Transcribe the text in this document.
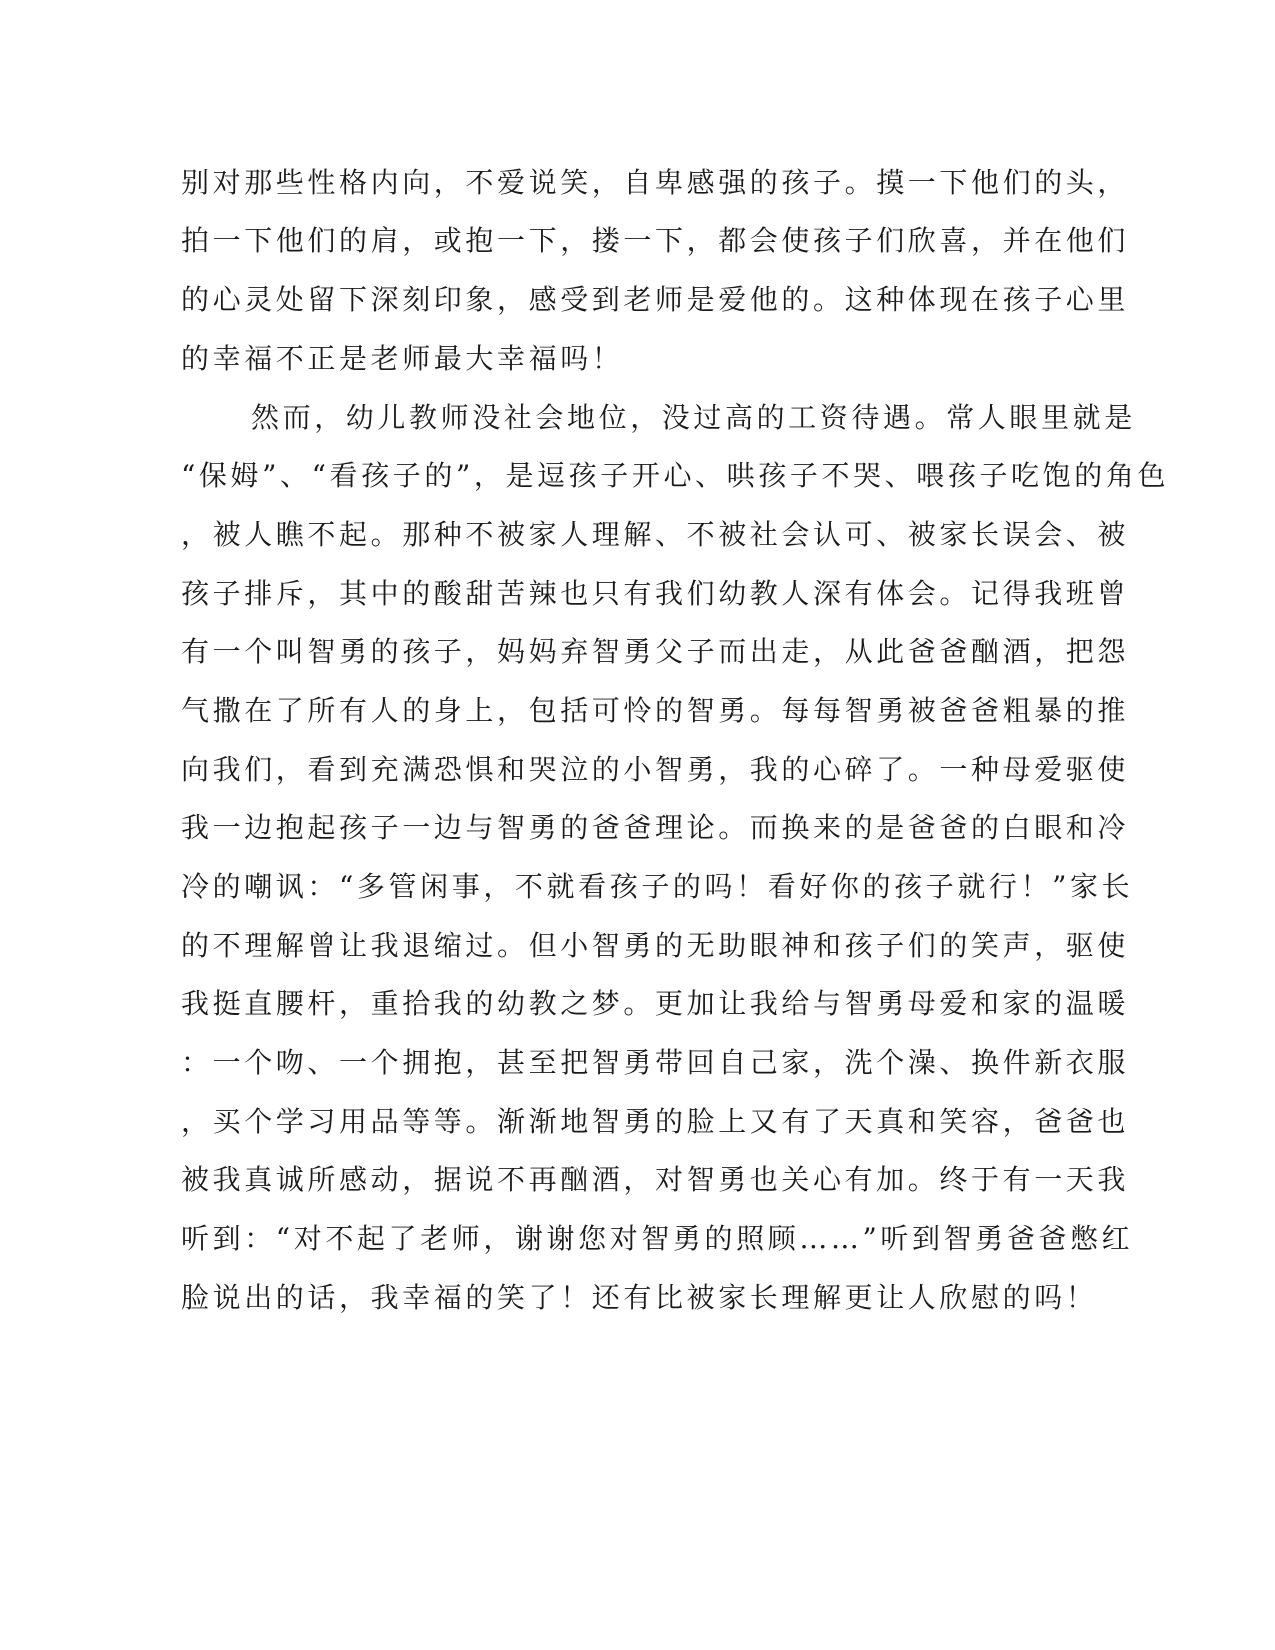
别对那些性格内向，不爱说笑，自卑感强的孩子。摸一下他们的头，
拍一下他们的肩，或抱一下，搂一下，都会使孩子们欣喜，并在他们
的心灵处留下深刻印象，感受到老师是爱他的。这种体现在孩子心里
的幸福不正是老师最大幸福吗！
然而，幼儿教师没社会地位，没过高的工资待遇。常人眼里就是
“保姆”、“看孩子的”，是逗孩子开心、哄孩子不哭、喂孩子吃饱的角色
，被人瞧不起。那种不被家人理解、不被社会认可、被家长误会、被
孩子排斥，其中的酸甜苦辣也只有我们幼教人深有体会。记得我班曾
有一个叫智勇的孩子，妈妈弃智勇父子而出走，从此爸爸酗酒，把怨
气撒在了所有人的身上，包括可怜的智勇。每每智勇被爸爸粗暴的推
向我们，看到充满恐惧和哭泣的小智勇，我的心碎了。一种母爱驱使
我一边抱起孩子一边与智勇的爸爸理论。而换来的是爸爸的白眼和冷
冷的嘲讽：“多管闲事，不就看孩子的吗！看好你的孩子就行！”家长
的不理解曾让我退缩过。但小智勇的无助眼神和孩子们的笑声，驱使
我挺直腰杆，重拾我的幼教之梦。更加让我给与智勇母爱和家的温暖
：一个吻、一个拥抱，甚至把智勇带回自己家，洗个澡、换件新衣服
，买个学习用品等等。渐渐地智勇的脸上又有了天真和笑容，爸爸也
被我真诚所感动，据说不再酗酒，对智勇也关心有加。终于有一天我
听到：“对不起了老师，谢谢您对智勇的照顾……”听到智勇爸爸憋红
脸说出的话，我幸福的笑了！还有比被家长理解更让人欣慰的吗！
